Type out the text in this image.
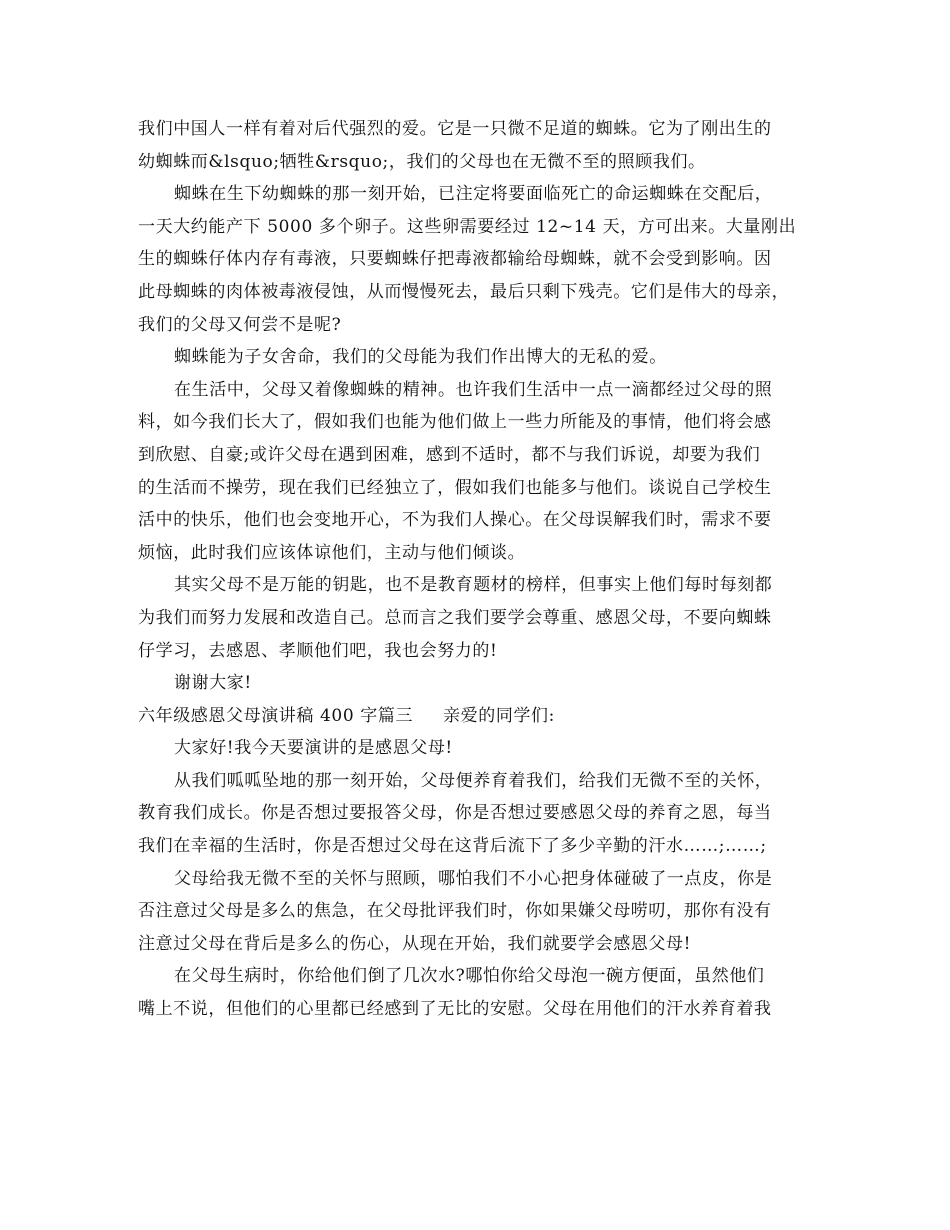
我们中国人一样有着对后代强烈的爱。它是一只微不足道的蜘蛛。它为了刚出生的
幼蜘蛛而&lsquo;牺牲&rsquo;，我们的父母也在无微不至的照顾我们。
蜘蛛在生下幼蜘蛛的那一刻开始，已注定将要面临死亡的命运蜘蛛在交配后，
一天大约能产下 5000 多个卵子。这些卵需要经过 12~14 天，方可出来。大量刚出
生的蜘蛛仔体内存有毒液，只要蜘蛛仔把毒液都输给母蜘蛛，就不会受到影响。因
此母蜘蛛的肉体被毒液侵蚀，从而慢慢死去，最后只剩下残壳。它们是伟大的母亲，
我们的父母又何尝不是呢?
蜘蛛能为子女舍命，我们的父母能为我们作出博大的无私的爱。
在生活中，父母又着像蜘蛛的精神。也许我们生活中一点一滴都经过父母的照
料，如今我们长大了，假如我们也能为他们做上一些力所能及的事情，他们将会感
到欣慰、自豪;或许父母在遇到困难，感到不适时，都不与我们诉说，却要为我们
的生活而不操劳，现在我们已经独立了，假如我们也能多与他们。谈说自己学校生
活中的快乐，他们也会变地开心，不为我们人操心。在父母误解我们时，需求不要
烦恼，此时我们应该体谅他们，主动与他们倾谈。
其实父母不是万能的钥匙，也不是教育题材的榜样，但事实上他们每时每刻都
为我们而努力发展和改造自己。总而言之我们要学会尊重、感恩父母，不要向蜘蛛
仔学习，去感恩、孝顺他们吧，我也会努力的!
谢谢大家!
六年级感恩父母演讲稿 400 字篇三 亲爱的同学们:
大家好!我今天要演讲的是感恩父母!
从我们呱呱坠地的那一刻开始，父母便养育着我们，给我们无微不至的关怀，
教育我们成长。你是否想过要报答父母，你是否想过要感恩父母的养育之恩，每当
我们在幸福的生活时，你是否想过父母在这背后流下了多少辛勤的汗水……;……;
父母给我无微不至的关怀与照顾，哪怕我们不小心把身体碰破了一点皮，你是
否注意过父母是多么的焦急，在父母批评我们时，你如果嫌父母唠叨，那你有没有
注意过父母在背后是多么的伤心，从现在开始，我们就要学会感恩父母!
在父母生病时，你给他们倒了几次水?哪怕你给父母泡一碗方便面，虽然他们
嘴上不说，但他们的心里都已经感到了无比的安慰。父母在用他们的汗水养育着我
